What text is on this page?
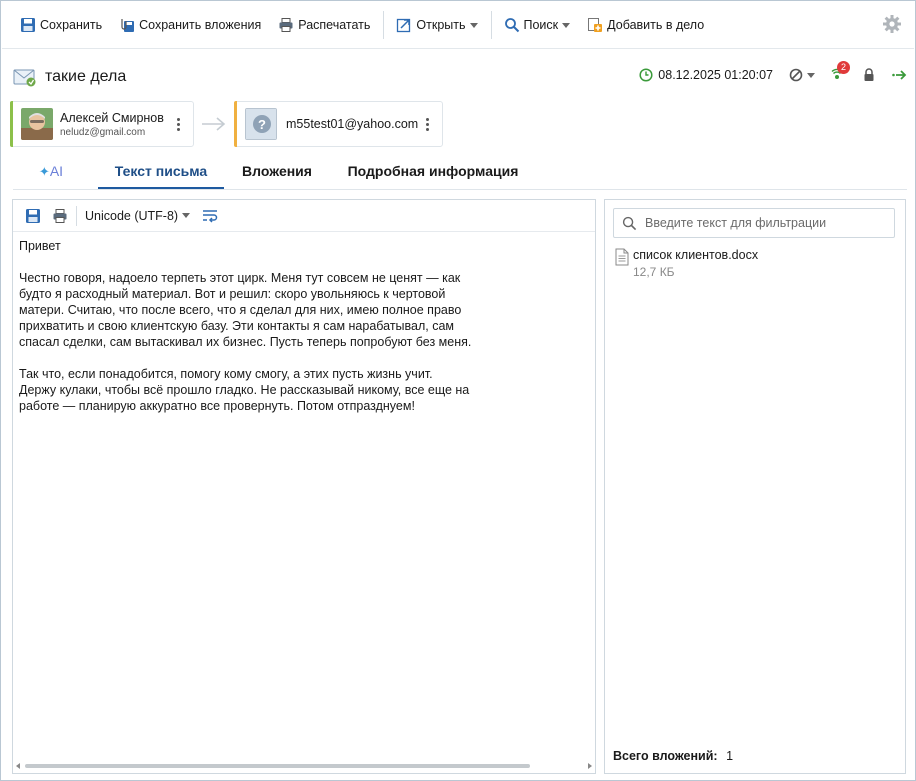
Сохранить	Сохранить вложения	Распечатать	Открыть	Поиск	Добавить в дело
такие дела	08.12.2025 01:20:07
2
Алексей Смирнов
neludz@gmail.com	? m55test01@yahoo.com
✦AI	Текст письма	Вложения	Подробная информация
Unicode (UTF-8)
Привет

Честно говоря, надоело терпеть этот цирк. Меня тут совсем не ценят — как
будто я расходный материал. Вот и решил: скоро увольняюсь к чертовой
матери. Считаю, что после всего, что я сделал для них, имею полное право
прихватить и свою клиентскую базу. Эти контакты я сам нарабатывал, сам
спасал сделки, сам вытаскивал их бизнес. Пусть теперь попробуют без меня.

Так что, если понадобится, помогу кому смогу, а этих пусть жизнь учит.
Держу кулаки, чтобы всё прошло гладко. Не рассказывай никому, все еще на
работе — планирую аккуратно все провернуть. Потом отпразднуем!
Введите текст для фильтрации
список клиентов.docx
12,7 КБ
Всего вложений: 1
